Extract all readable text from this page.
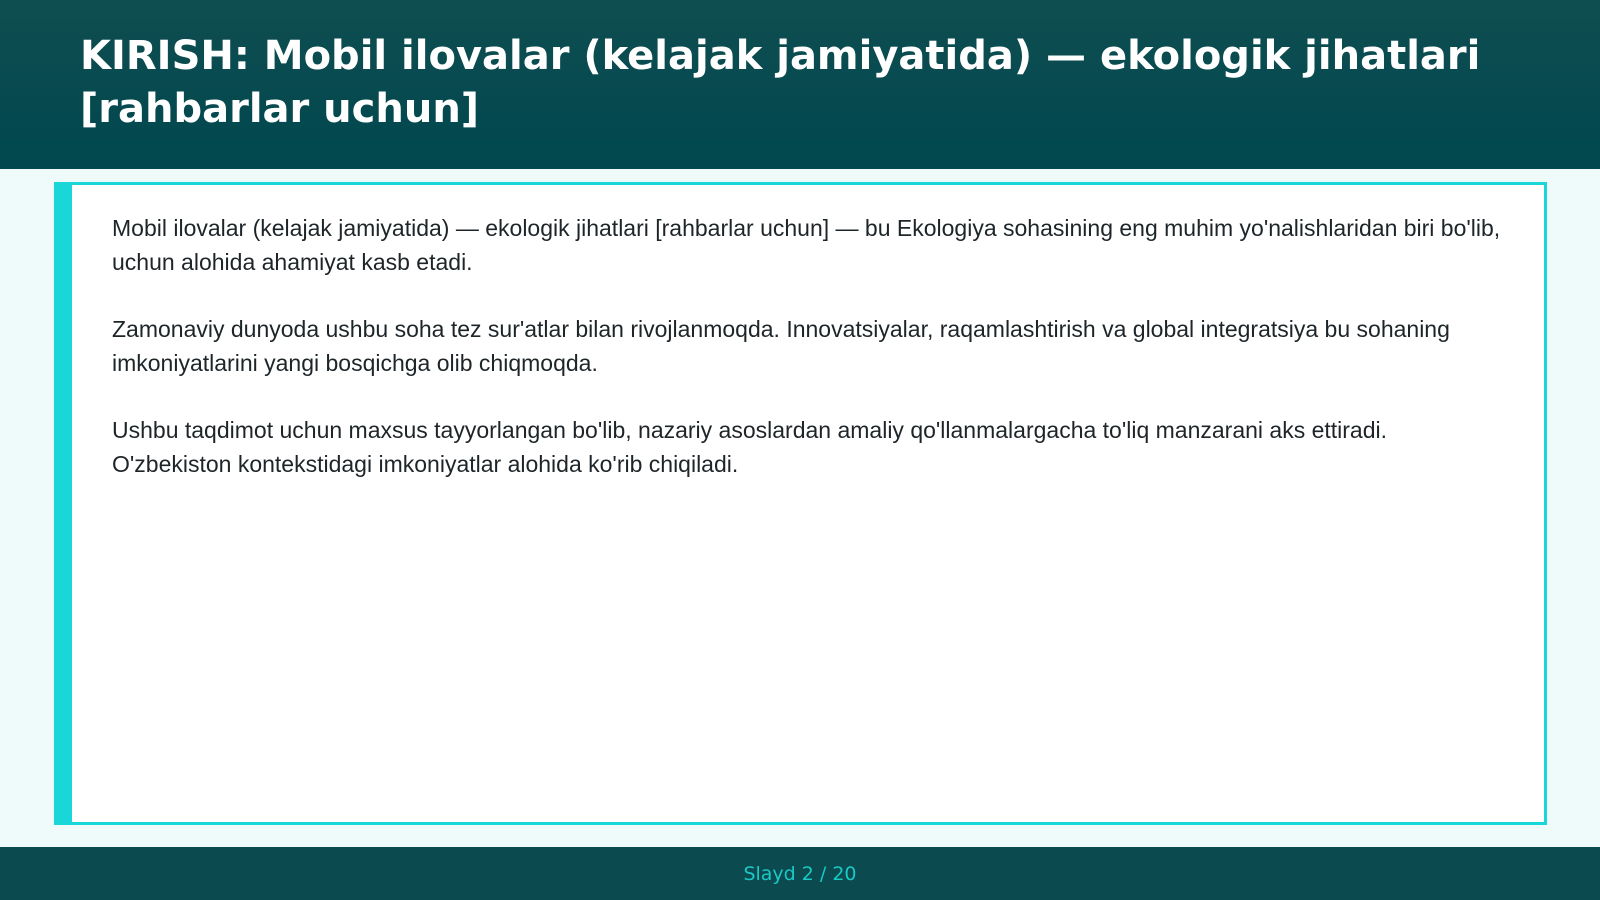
KIRISH: Mobil ilovalar (kelajak jamiyatida) — ekologik jihatlari [rahbarlar uchun]

Mobil ilovalar (kelajak jamiyatida) — ekologik jihatlari [rahbarlar uchun] — bu Ekologiya sohasining eng muhim yo'nalishlaridan biri bo'lib, uchun alohida ahamiyat kasb etadi.

Zamonaviy dunyoda ushbu soha tez sur'atlar bilan rivojlanmoqda. Innovatsiyalar, raqamlashtirish va global integratsiya bu sohaning imkoniyatlarini yangi bosqichga olib chiqmoqda.

Ushbu taqdimot uchun maxsus tayyorlangan bo'lib, nazariy asoslardan amaliy qo'llanmalargacha to'liq manzarani aks ettiradi. O'zbekiston kontekstidagi imkoniyatlar alohida ko'rib chiqiladi.

Slayd 2 / 20
